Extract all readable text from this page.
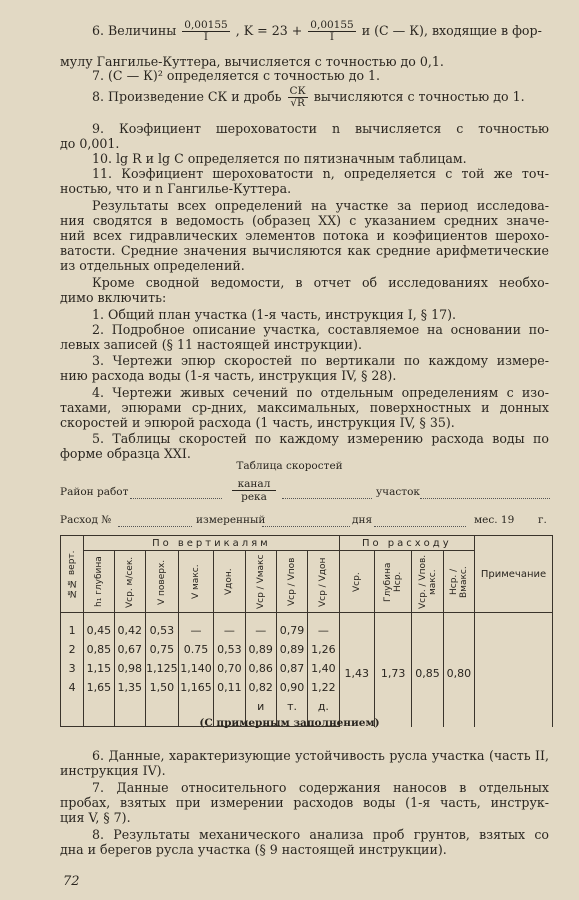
6. Величины $\frac{0,00155}{I}$ , $K = 23 + \frac{0,00155}{I}$ и (С — К), входящие в фор-
мулу Гангилье-Куттера, вычисляется с точностью до 0,1.
7. (С — К)² определяется с точностью до 1.
8. Произведение СК и дробь $\frac{СК}{√R}$ вычисляются с точностью до 1.
9. Коэфициент шероховатости n вычисляется с точностью
до 0,001.
10. lg R и lg C определяется по пятизначным таблицам.
11. Коэфициент шероховатости n, определяется с той же точ-
ностью, что и n Гангилье-Куттера.
Результаты всех определений на участке за период исследова-
ния сводятся в ведомость (образец XX) с указанием средних значе-
ний всех гидравлических элементов потока и коэфициентов шерохо-
ватости. Средние значения вычисляются как средние арифметические
из отдельных определений.
Кроме сводной ведомости, в отчет об исследованиях необхо-
димо включить:
1. Общий план участка (1-я часть, инструкция I, § 17).
2. Подробное описание участка, составляемое на основании по-
левых записей (§ 11 настоящей инструкции).
3. Чертежи эпюр скоростей по вертикали по каждому измере-
нию расхода воды (1-я часть, инструкция IV, § 28).
4. Чертежи живых сечений по отдельным определениям с изо-
тахами, эпюрами ср-дних, максимальных, поверхностных и донных
скоростей и эпюрой расхода (1 часть, инструкция IV, § 35).
5. Таблицы скоростей по каждому измерению расхода воды по
форме образца XXI.
Таблица скоростей
Район работ
канал
река	участок
Расход №	измеренный	дня	мес. 19 г.
№№ верт.	По вертикалям								По расходу				Примечание

	h₁ глубина	Vср. м/сек.	V поверх.	V макс.	Vдон.	Vср / Vмакс	Vср / Vпов	Vср / Vдон	Vср.	Глубина Hср.	Vср. / Vпов. макс.	Hср. / Bмакс.	

1	0,45	0,42	0,53	—	—	—	0,79	—	1,43	1,73	0,85	0,80	
2	0,85	0,67	0,75	0.75	0,53	0,89	0,89	1,26					
3	1,15	0,98	1,125	1,140	0,70	0,86	0,87	1,40					
4	1,65	1,35	1,50	1,165	0,11	0,82	0,90	1,22					
						и	т.	д.					
(С примерным заполнением)
6. Данные, характеризующие устойчивость русла участка (часть II,
инструкция IV).
7. Данные относительного содержания наносов в отдельных
пробах, взятых при измерении расходов воды (1-я часть, инструк-
ция V, § 7).
8. Результаты механического анализа проб грунтов, взятых со
дна и берегов русла участка (§ 9 настоящей инструкции).
72
